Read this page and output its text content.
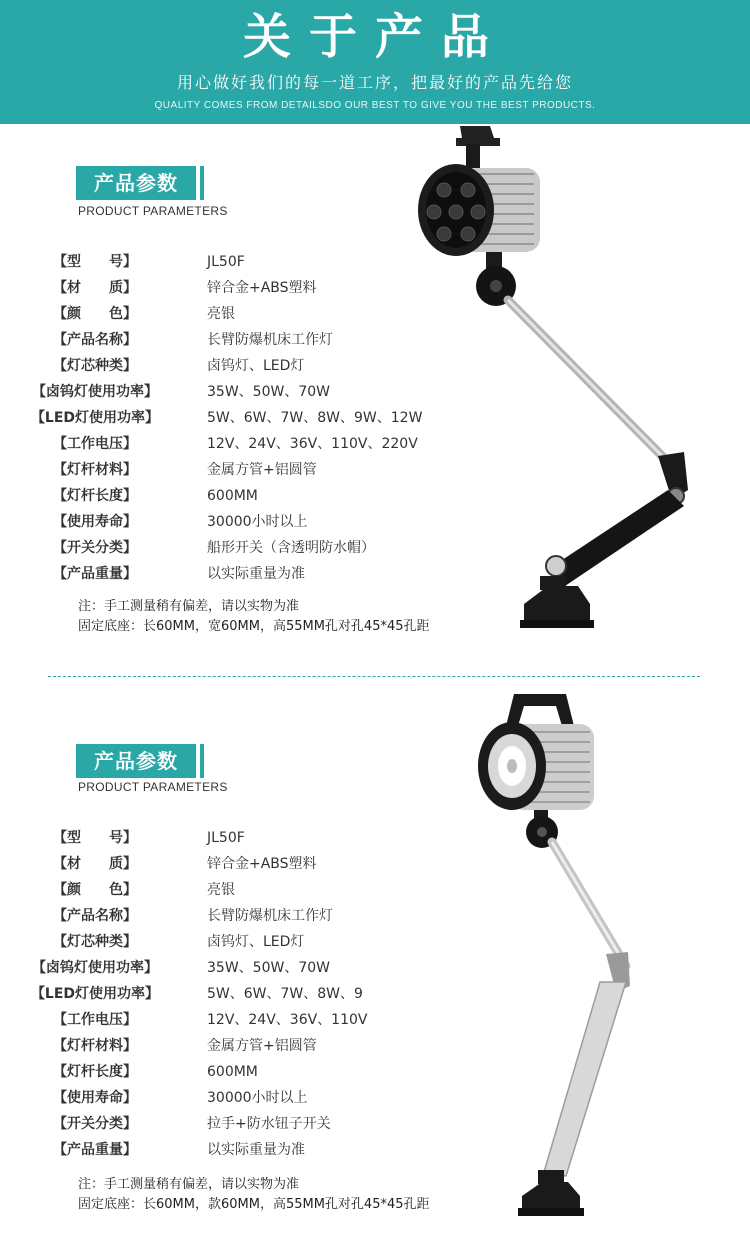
关于产品
用心做好我们的每一道工序，把最好的产品先给您
QUALITY COMES FROM DETAILSDO OUR BEST TO GIVE YOU THE BEST PRODUCTS.
产品参数
PRODUCT PARAMETERS
【型　　号】	JL50F
【材　　质】	锌合金+ABS塑料
【颜　　色】	亮银
【产品名称】	长臂防爆机床工作灯
【灯芯种类】	卤钨灯、LED灯
【卤钨灯使用功率】	35W、50W、70W
【LED灯使用功率】	5W、6W、7W、8W、9W、12W
【工作电压】	12V、24V、36V、110V、220V
【灯杆材料】	金属方管+铝圆管
【灯杆长度】	600MM
【使用寿命】	30000小时以上
【开关分类】	船形开关（含透明防水帽）
【产品重量】	以实际重量为准
注：手工测量稍有偏差，请以实物为准
固定底座：长60MM，宽60MM，高55MM孔对孔45*45孔距
产品参数
PRODUCT PARAMETERS
【型　　号】	JL50F
【材　　质】	锌合金+ABS塑料
【颜　　色】	亮银
【产品名称】	长臂防爆机床工作灯
【灯芯种类】	卤钨灯、LED灯
【卤钨灯使用功率】	35W、50W、70W
【LED灯使用功率】	5W、6W、7W、8W、9
【工作电压】	12V、24V、36V、110V
【灯杆材料】	金属方管+铝圆管
【灯杆长度】	600MM
【使用寿命】	30000小时以上
【开关分类】	拉手+防水钮子开关
【产品重量】	以实际重量为准
注：手工测量稍有偏差，请以实物为准
固定底座：长60MM，款60MM，高55MM孔对孔45*45孔距
